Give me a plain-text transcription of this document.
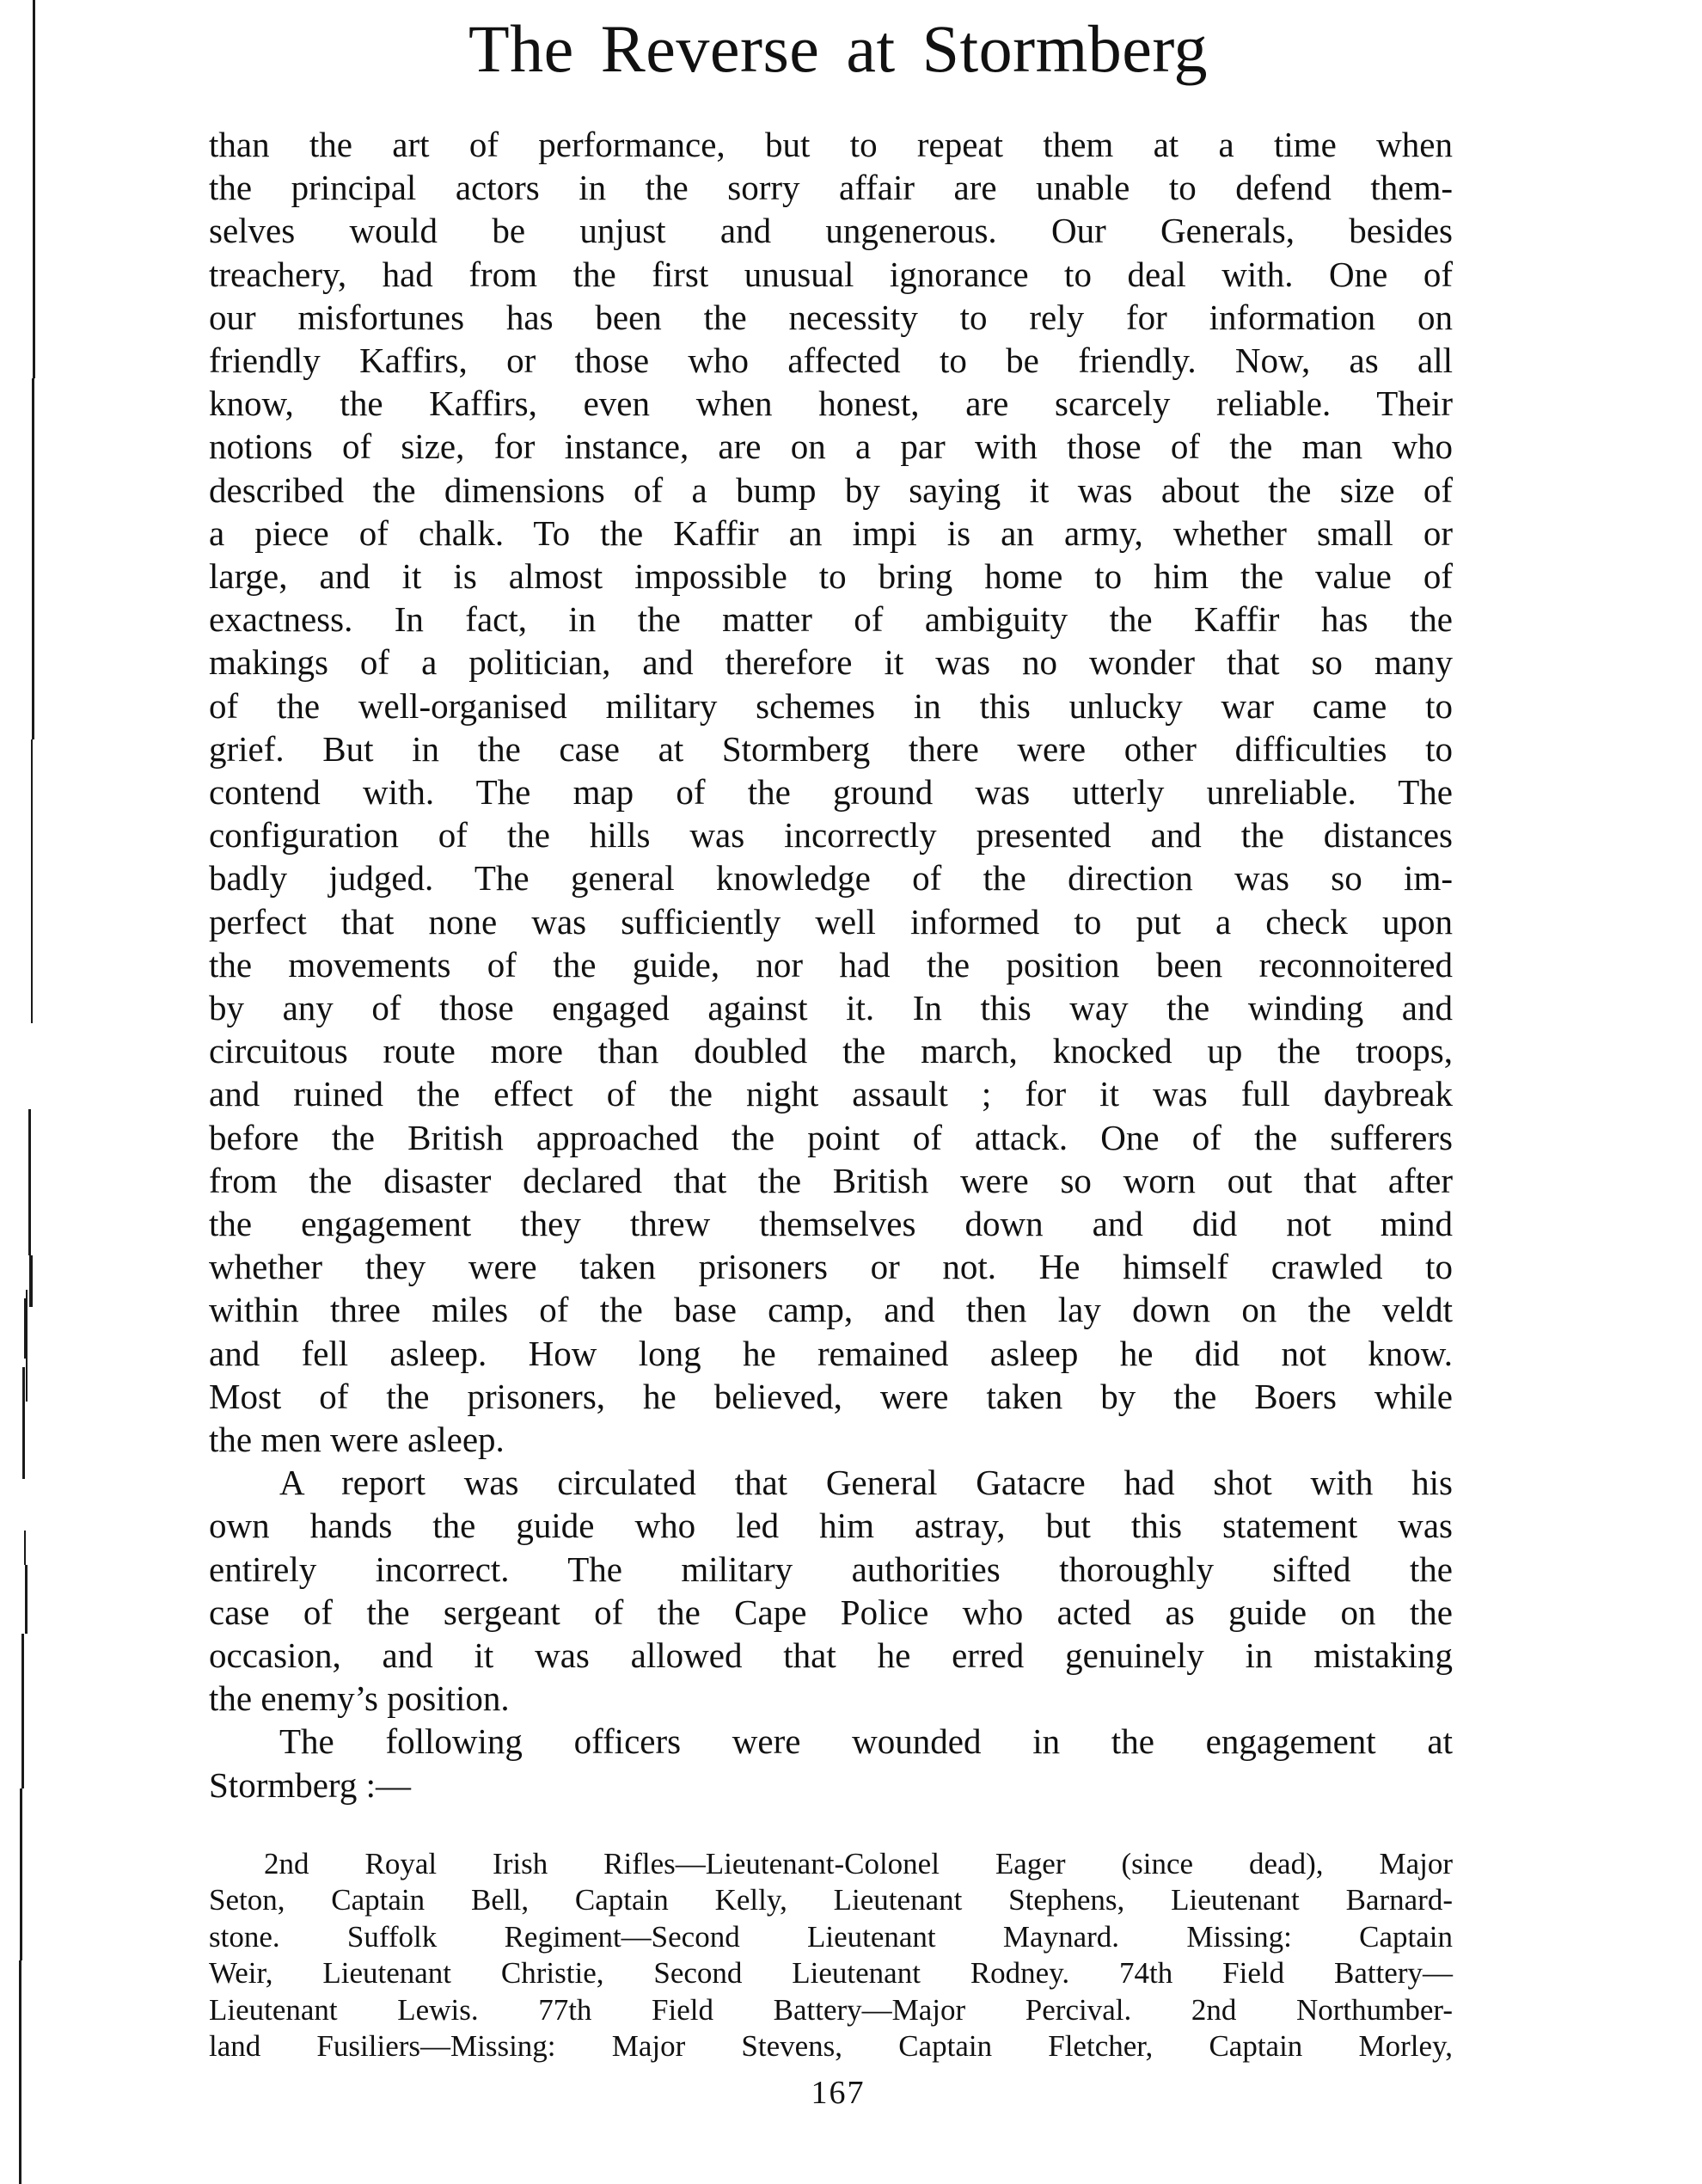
The Reverse at Stormberg
than the art of performance, but to repeat them at a time when
the principal actors in the sorry affair are unable to defend them-
selves would be unjust and ungenerous. Our Generals, besides
treachery, had from the first unusual ignorance to deal with. One of
our misfortunes has been the necessity to rely for information on
friendly Kaffirs, or those who affected to be friendly. Now, as all
know, the Kaffirs, even when honest, are scarcely reliable. Their
notions of size, for instance, are on a par with those of the man who
described the dimensions of a bump by saying it was about the size of
a piece of chalk. To the Kaffir an impi is an army, whether small or
large, and it is almost impossible to bring home to him the value of
exactness. In fact, in the matter of ambiguity the Kaffir has the
makings of a politician, and therefore it was no wonder that so many
of the well-organised military schemes in this unlucky war came to
grief. But in the case at Stormberg there were other difficulties to
contend with. The map of the ground was utterly unreliable. The
configuration of the hills was incorrectly presented and the distances
badly judged. The general knowledge of the direction was so im-
perfect that none was sufficiently well informed to put a check upon
the movements of the guide, nor had the position been reconnoitered
by any of those engaged against it. In this way the winding and
circuitous route more than doubled the march, knocked up the troops,
and ruined the effect of the night assault ; for it was full daybreak
before the British approached the point of attack. One of the sufferers
from the disaster declared that the British were so worn out that after
the engagement they threw themselves down and did not mind
whether they were taken prisoners or not. He himself crawled to
within three miles of the base camp, and then lay down on the veldt
and fell asleep. How long he remained asleep he did not know.
Most of the prisoners, he believed, were taken by the Boers while
the men were asleep.
A report was circulated that General Gatacre had shot with his
own hands the guide who led him astray, but this statement was
entirely incorrect. The military authorities thoroughly sifted the
case of the sergeant of the Cape Police who acted as guide on the
occasion, and it was allowed that he erred genuinely in mistaking
the enemy’s position.
The following officers were wounded in the engagement at
Stormberg :—
2nd Royal Irish Rifles—Lieutenant-Colonel Eager (since dead), Major
Seton, Captain Bell, Captain Kelly, Lieutenant Stephens, Lieutenant Barnard-
stone. Suffolk Regiment—Second Lieutenant Maynard. Missing: Captain
Weir, Lieutenant Christie, Second Lieutenant Rodney. 74th Field Battery—
Lieutenant Lewis. 77th Field Battery—Major Percival. 2nd Northumber-
land Fusiliers—Missing: Major Stevens, Captain Fletcher, Captain Morley,
167
